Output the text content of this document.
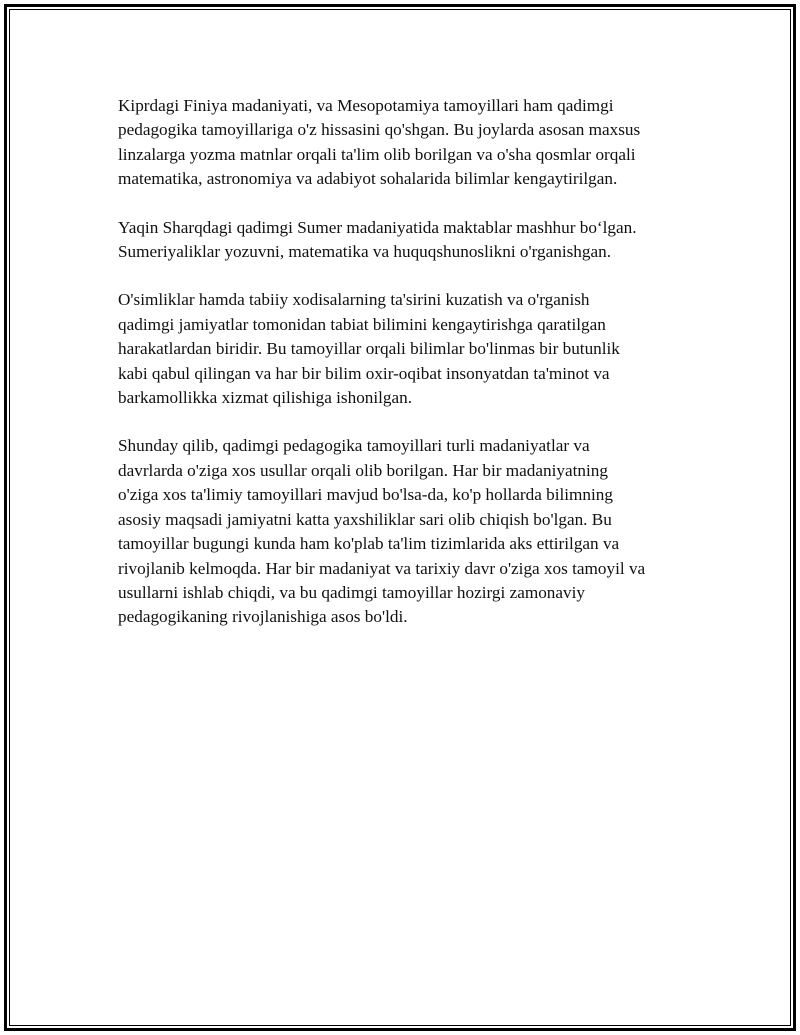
Kiprdagi Finiya madaniyati, va Mesopotamiya tamoyillari ham qadimgi
pedagogika tamoyillariga o'z hissasini qo'shgan. Bu joylarda asosan maxsus
linzalarga yozma matnlar orqali ta'lim olib borilgan va o'sha qosmlar orqali
matematika, astronomiya va adabiyot sohalarida bilimlar kengaytirilgan.

Yaqin Sharqdagi qadimgi Sumer madaniyatida maktablar mashhur bo‘lgan.
Sumeriyaliklar yozuvni, matematika va huquqshunoslikni o'rganishgan.

O'simliklar hamda tabiiy xodisalarning ta'sirini kuzatish va o'rganish
qadimgi jamiyatlar tomonidan tabiat bilimini kengaytirishga qaratilgan
harakatlardan biridir. Bu tamoyillar orqali bilimlar bo'linmas bir butunlik
kabi qabul qilingan va har bir bilim oxir-oqibat insonyatdan ta'minot va
barkamollikka xizmat qilishiga ishonilgan.

Shunday qilib, qadimgi pedagogika tamoyillari turli madaniyatlar va
davrlarda o'ziga xos usullar orqali olib borilgan. Har bir madaniyatning
o'ziga xos ta'limiy tamoyillari mavjud bo'lsa-da, ko'p hollarda bilimning
asosiy maqsadi jamiyatni katta yaxshiliklar sari olib chiqish bo'lgan. Bu
tamoyillar bugungi kunda ham ko'plab ta'lim tizimlarida aks ettirilgan va
rivojlanib kelmoqda. Har bir madaniyat va tarixiy davr o'ziga xos tamoyil va
usullarni ishlab chiqdi, va bu qadimgi tamoyillar hozirgi zamonaviy
pedagogikaning rivojlanishiga asos bo'ldi.
